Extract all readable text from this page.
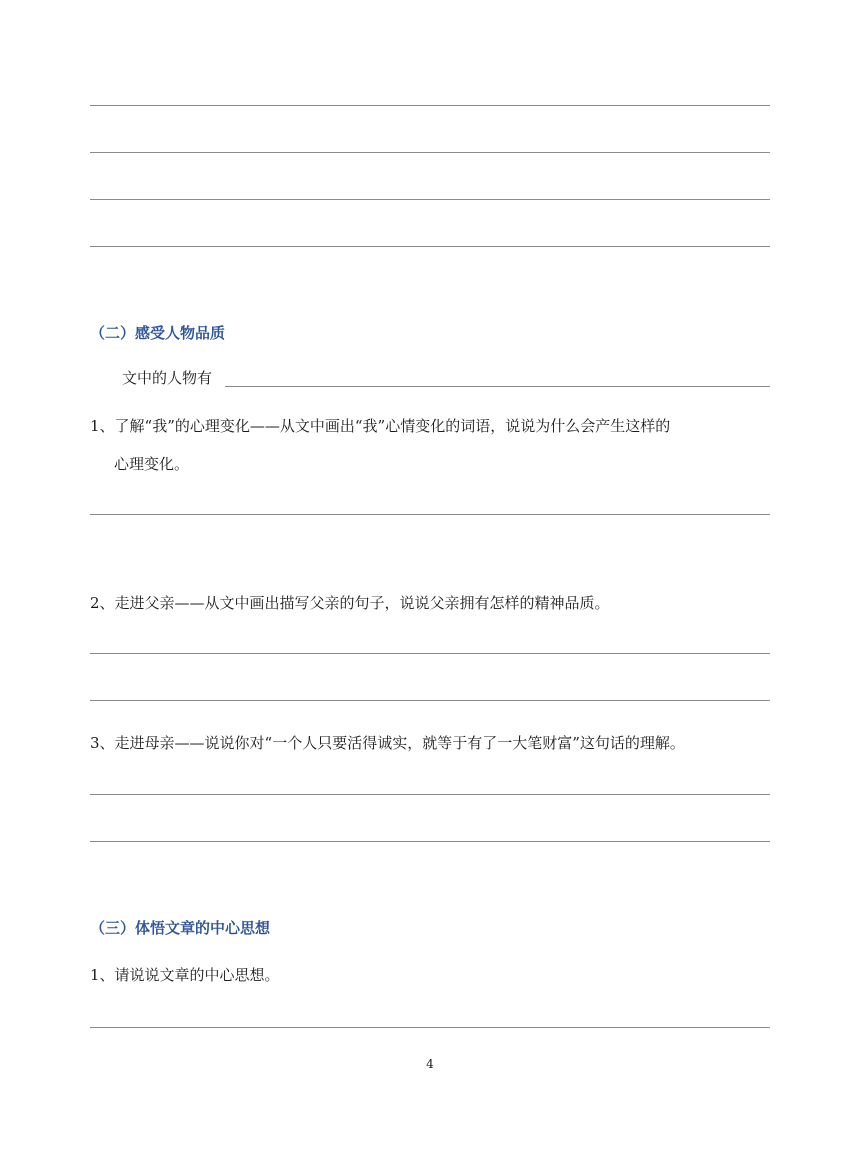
（二）感受人物品质
文中的人物有
1、了解“我”的心理变化——从文中画出“我”心情变化的词语，说说为什么会产生这样的
心理变化。
2、走进父亲——从文中画出描写父亲的句子，说说父亲拥有怎样的精神品质。
3、走进母亲——说说你对“一个人只要活得诚实，就等于有了一大笔财富”这句话的理解。
（三）体悟文章的中心思想
1、请说说文章的中心思想。
4
